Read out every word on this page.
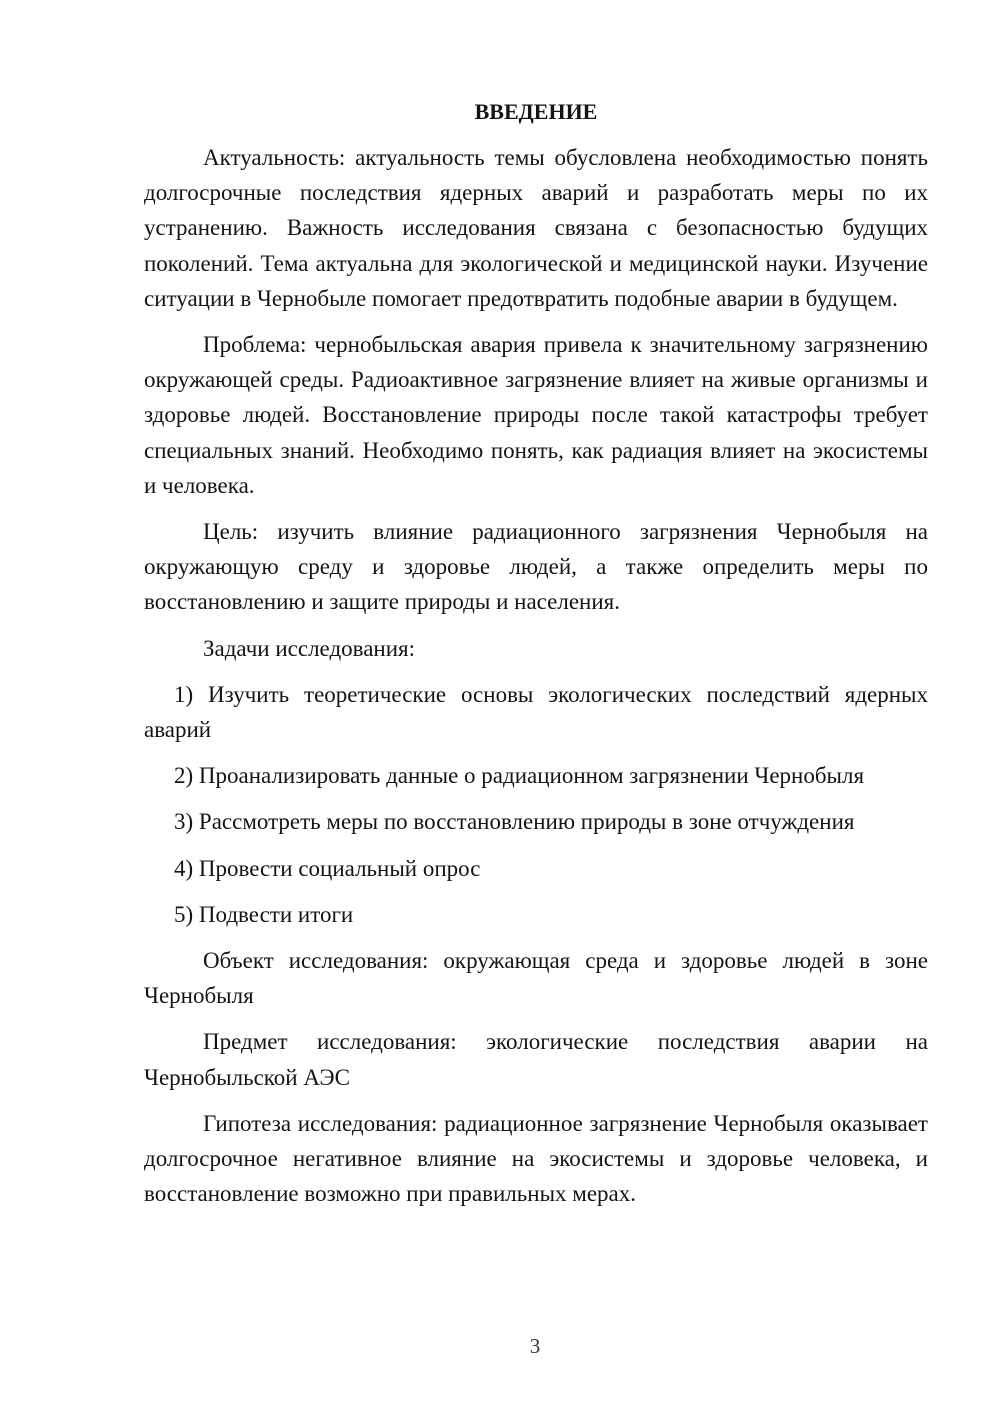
ВВЕДЕНИЕ

Актуальность: актуальность темы обусловлена необходимостью понять долгосрочные последствия ядерных аварий и разработать меры по их устранению. Важность исследования связана с безопасностью будущих поколений. Тема актуальна для экологической и медицинской науки. Изучение ситуации в Чернобыле помогает предотвратить подобные аварии в будущем.

Проблема: чернобыльская авария привела к значительному загрязнению окружающей среды. Радиоактивное загрязнение влияет на живые организмы и здоровье людей. Восстановление природы после такой катастрофы требует специальных знаний. Необходимо понять, как радиация влияет на экосистемы и человека.

Цель: изучить влияние радиационного загрязнения Чернобыля на окружающую среду и здоровье людей, а также определить меры по восстановлению и защите природы и населения.

Задачи исследования:

1) Изучить теоретические основы экологических последствий ядерных аварий

2) Проанализировать данные о радиационном загрязнении Чернобыля

3) Рассмотреть меры по восстановлению природы в зоне отчуждения

4) Провести социальный опрос

5) Подвести итоги

Объект исследования: окружающая среда и здоровье людей в зоне Чернобыля

Предмет исследования: экологические последствия аварии на Чернобыльской АЭС

Гипотеза исследования: радиационное загрязнение Чернобыля оказывает долгосрочное негативное влияние на экосистемы и здоровье человека, и восстановление возможно при правильных мерах.

3
